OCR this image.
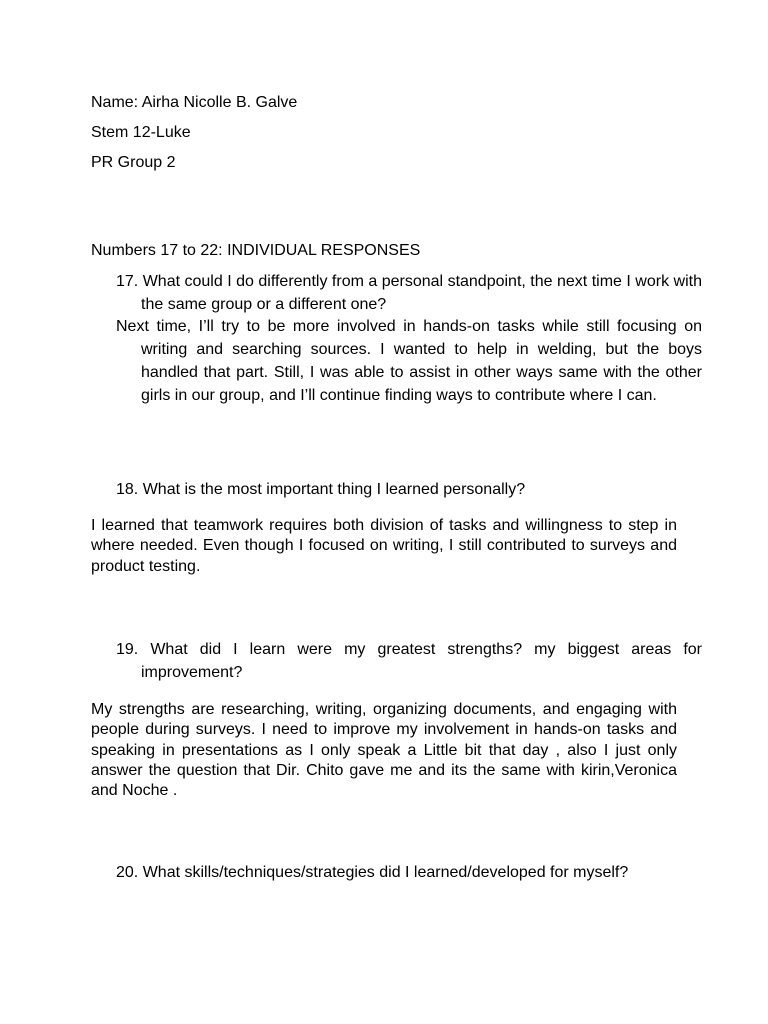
Name: Airha Nicolle B. Galve
Stem 12-Luke
PR Group 2
Numbers 17 to 22: INDIVIDUAL RESPONSES
17. What could I do differently from a personal standpoint, the next time I work with the same group or a different one?
Next time, I’ll try to be more involved in hands-on tasks while still focusing on writing and searching sources. I wanted to help in welding, but the boys handled that part. Still, I was able to assist in other ways same with the other girls in our group, and I’ll continue finding ways to contribute where I can.
18. What is the most important thing I learned personally?
I learned that teamwork requires both division of tasks and willingness to step in where needed. Even though I focused on writing, I still contributed to surveys and product testing.
19. What did I learn were my greatest strengths? my biggest areas for improvement?
My strengths are researching, writing, organizing documents, and engaging with people during surveys. I need to improve my involvement in hands-on tasks and speaking in presentations as I only speak a Little bit that day , also I just only answer the question that Dir. Chito gave me and its the same with kirin,Veronica and Noche .
20. What skills/techniques/strategies did I learned/developed for myself?
